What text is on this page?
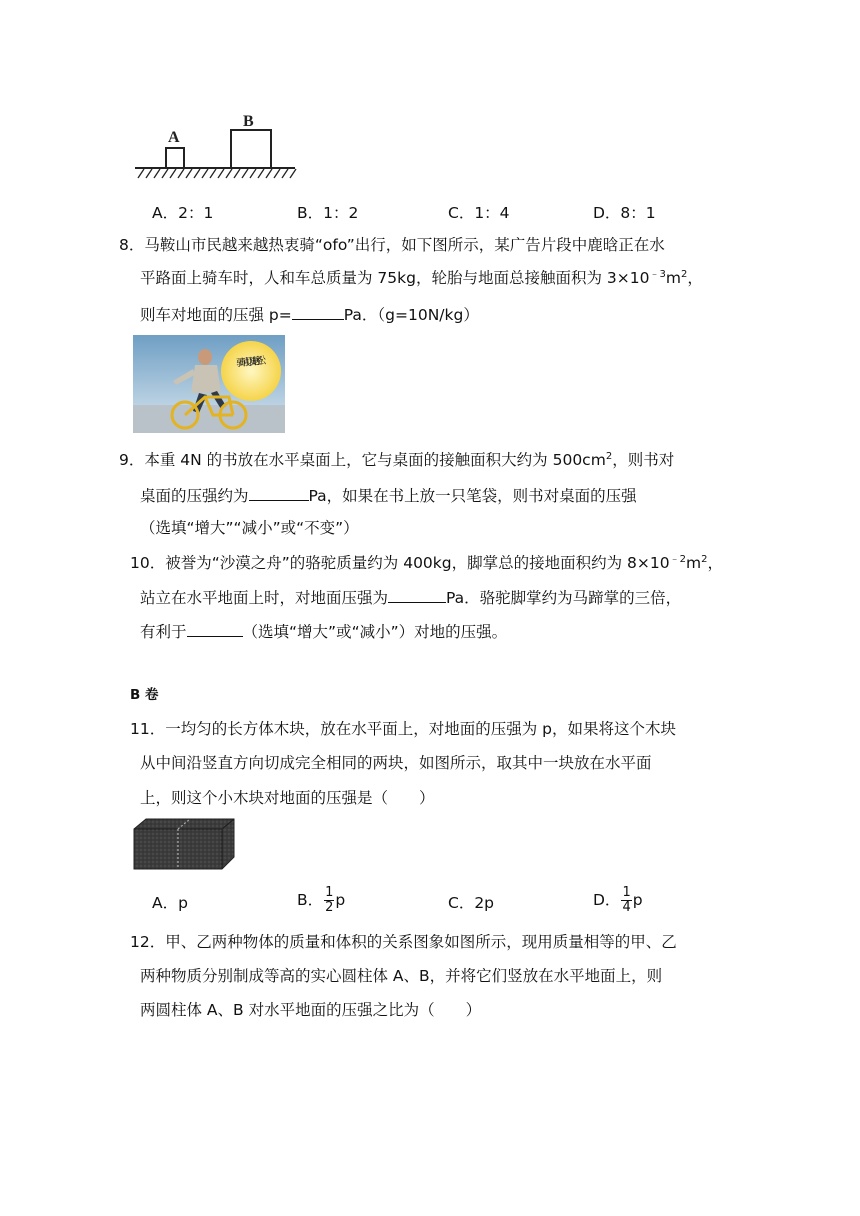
A
B
A．2：1	B．1：2	C．1：4	D．8：1
8．马鞍山市民越来越热衷骑“ofo”出行，如下图所示，某广告片段中鹿晗正在水
平路面上骑车时，人和车总质量为 75kg，轮胎与地面总接触面积为 $3\times 10^{﹣3}m^2$，
则车对地面的压强 p=	Pa．（g=10N/kg）
骑时可以更轻松
9．本重 4N 的书放在水平桌面上，它与桌面的接触面积大约为 $500cm^2$，则书对
桌面的压强约为	Pa，如果在书上放一只笔袋，则书对桌面的压强
（选填“增大”“减小”或“不变”）
10．被誉为“沙漠之舟”的骆驼质量约为 400kg，脚掌总的接地面积约为 $8\times 10^{﹣2}m^2$，
站立在水平地面上时，对地面压强为	Pa．骆驼脚掌约为马蹄掌的三倍，
有利于	（选填“增大”或“减小”）对地的压强。
B 卷
11．一均匀的长方体木块，放在水平面上，对地面的压强为 p，如果将这个木块
从中间沿竖直方向切成完全相同的两块，如图所示，取其中一块放在水平面
上，则这个小木块对地面的压强是（　　）
A．p	B． $\frac{1}{2}$ p	C．2p	D． $\frac{1}{4}$ p
12．甲、乙两种物体的质量和体积的关系图象如图所示，现用质量相等的甲、乙
两种物质分别制成等高的实心圆柱体 A、B，并将它们竖放在水平地面上，则
两圆柱体 A、B 对水平地面的压强之比为（　　）
